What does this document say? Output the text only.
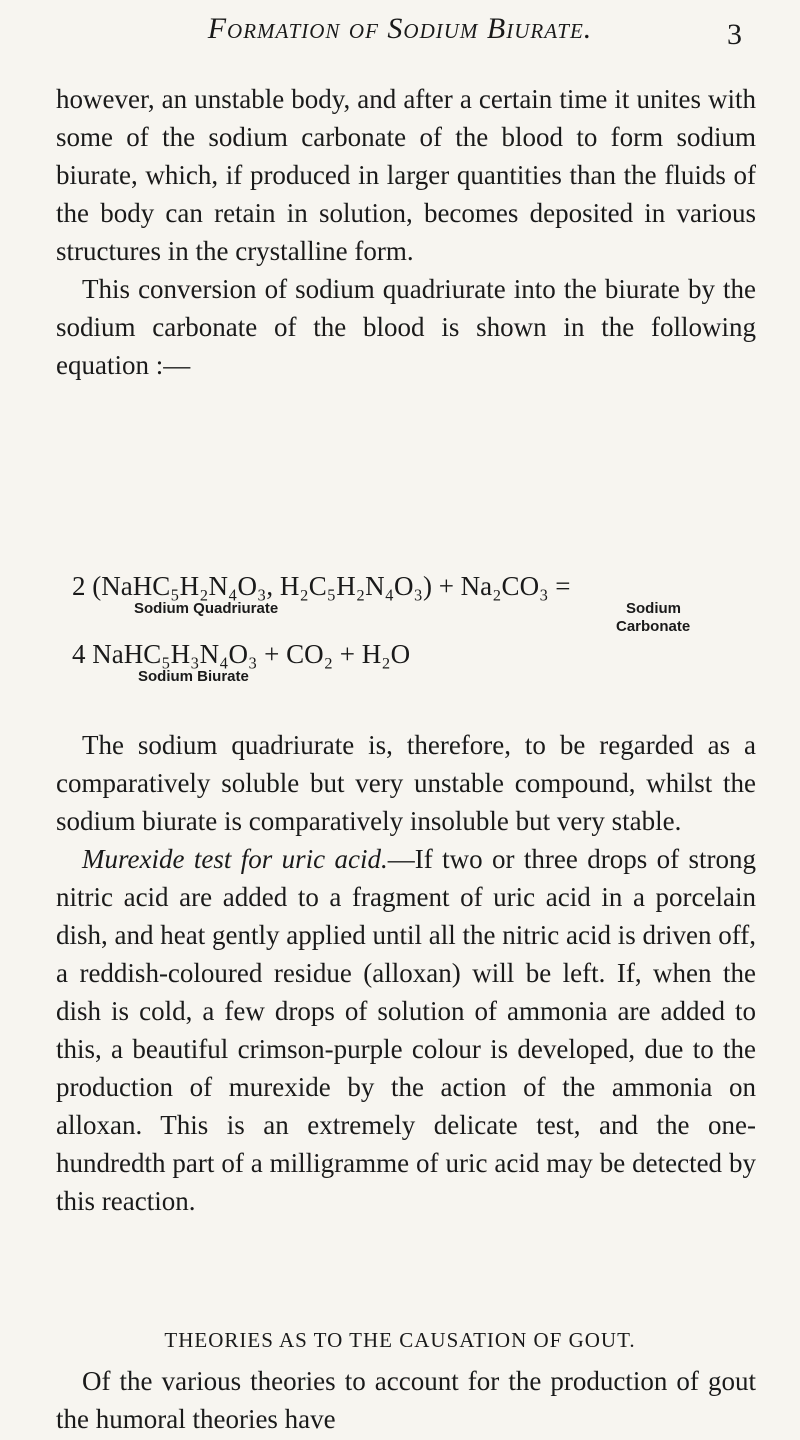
Formation of Sodium Biurate.	3

however, an unstable body, and after a certain time it unites with some of the sodium carbonate of the blood to form sodium biurate, which, if produced in larger quantities than the fluids of the body can retain in solution, becomes deposited in various structures in the crystalline form.

This conversion of sodium quadriurate into the biurate by the sodium carbonate of the blood is shown in the following equation :—

2 (NaHC₅H₂N₄O₃, H₂C₅H₂N₄O₃) + Na₂CO₃ =
Sodium Quadriurate	Sodium
Carbonate
4 NaHC₅H₃N₄O₃ + CO₂ + H₂O
Sodium Biurate

The sodium quadriurate is, therefore, to be regarded as a comparatively soluble but very unstable compound, whilst the sodium biurate is comparatively insoluble but very stable.

Murexide test for uric acid.—If two or three drops of strong nitric acid are added to a fragment of uric acid in a porcelain dish, and heat gently applied until all the nitric acid is driven off, a reddish-coloured residue (alloxan) will be left. If, when the dish is cold, a few drops of solution of ammonia are added to this, a beautiful crimson-purple colour is developed, due to the production of murexide by the action of the ammonia on alloxan. This is an extremely delicate test, and the one-hundredth part of a milligramme of uric acid may be detected by this reaction.

THEORIES AS TO THE CAUSATION OF GOUT.

Of the various theories to account for the production of gout the humoral theories have
